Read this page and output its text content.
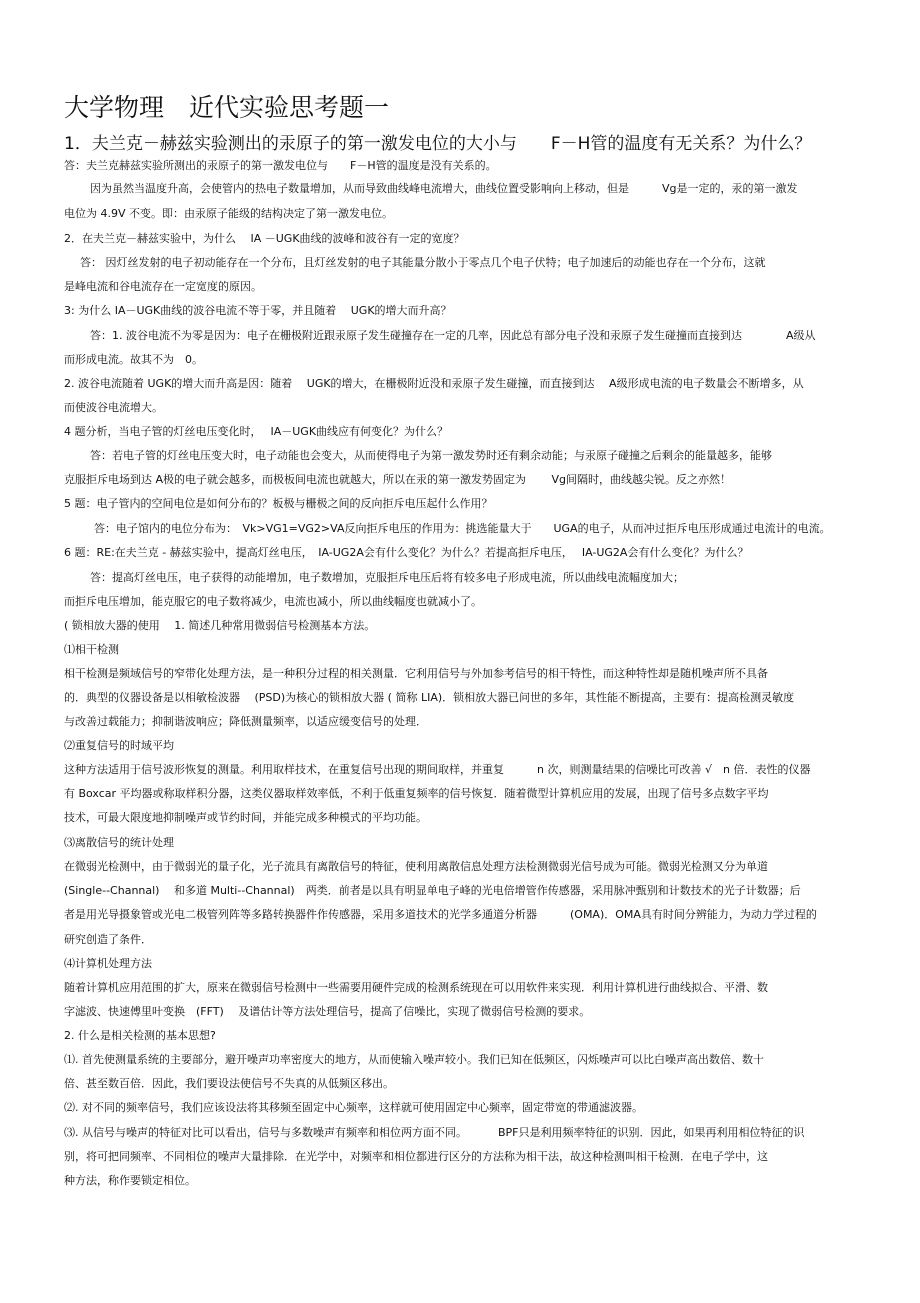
大学物理　近代实验思考题一
1．夫兰克－赫兹实验测出的汞原子的第一激发电位的大小与　　F－H管的温度有无关系？为什么？
答：夫兰克赫兹实验所测出的汞原子的第一激发电位与　　F－H管的温度是没有关系的。
因为虽然当温度升高，会使管内的热电子数量增加，从而导致曲线峰电流增大，曲线位置受影响向上移动，但是　　　Vg是一定的，汞的第一激发
电位为 4.9V 不变。即：由汞原子能级的结构决定了第一激发电位。
2．在夫兰克－赫兹实验中，为什么　 IA －UGK曲线的波峰和波谷有一定的宽度？
答： 因灯丝发射的电子初动能存在一个分布，且灯丝发射的电子其能量分散小于零点几个电子伏特；电子加速后的动能也存在一个分布，这就
是峰电流和谷电流存在一定宽度的原因。
3: 为什么 IA－UGK曲线的波谷电流不等于零，并且随着　 UGK的增大而升高？
答：1. 波谷电流不为零是因为：电子在栅极附近跟汞原子发生碰撞存在一定的几率，因此总有部分电子没和汞原子发生碰撞而直接到达　　　　A级从
而形成电流。故其不为　0。
2. 波谷电流随着 UGK的增大而升高是因：随着　 UGK的增大，在栅极附近没和汞原子发生碰撞，而直接到达　 A级形成电流的电子数量会不断增多，从
而使波谷电流增大。
4 题分析，当电子管的灯丝电压变化时，　 IA－UGK曲线应有何变化？为什么？
答：若电子管的灯丝电压变大时，电子动能也会变大，从而使得电子为第一激发势时还有剩余动能；与汞原子碰撞之后剩余的能量越多，能够
克服拒斥电场到达 A极的电子就会越多，而极板间电流也就越大，所以在汞的第一激发势固定为　　 Vg间隔时，曲线越尖锐。反之亦然！
5 题：电子管内的空间电位是如何分布的？板极与栅极之间的反向拒斥电压起什么作用？
答：电子馆内的电位分布为：　Vk>VG1=VG2>VA反向拒斥电压的作用为：挑选能量大于　　UGA的电子，从而冲过拒斥电压形成通过电流计的电流。
6 题：RE:在夫兰克 - 赫兹实验中，提高灯丝电压，　IA-UG2A会有什么变化？为什么？若提高拒斥电压，　 IA-UG2A会有什么变化？为什么？
答：提高灯丝电压，电子获得的动能增加，电子数增加，克服拒斥电压后将有较多电子形成电流，所以曲线电流幅度加大；
而拒斥电压增加，能克服它的电子数将减少，电流也减小，所以曲线幅度也就减小了。
( 锁相放大器的使用　 1. 简述几种常用微弱信号检测基本方法。
⑴相干检测
相干检测是频域信号的窄带化处理方法，是一种积分过程的相关测量．它利用信号与外加参考信号的相干特性，而这种特性却是随机噪声所不具备
的．典型的仪器设备是以相敏检波器　 (PSD)为核心的锁相放大器 ( 简称 LIA)．锁相放大器已问世的多年，其性能不断提高，主要有：提高检测灵敏度
与改善过载能力；抑制谐波响应；降低测量频率，以适应缓变信号的处理．
⑵重复信号的时域平均
这种方法适用于信号波形恢复的测量。利用取样技术，在重复信号出现的期间取样，并重复　　　n 次，则测量结果的信噪比可改善 √　n 倍．表性的仪器
有 Boxcar 平均器或称取样积分器，这类仪器取样效率低，不利于低重复频率的信号恢复．随着微型计算机应用的发展，出现了信号多点数字平均
技术，可最大限度地抑制噪声或节约时间，并能完成多种模式的平均功能。
⑶离散信号的统计处理
在微弱光检测中，由于微弱光的量子化，光子流具有离散信号的特征，使利用离散信息处理方法检测微弱光信号成为可能。微弱光检测又分为单道
(Single--Channal)　 和多道 Multi--Channal)　两类．前者是以具有明显单电子峰的光电倍增管作传感器，采用脉冲甄别和计数技术的光子计数器；后
者是用光导摄象管或光电二极管列阵等多路转换器件作传感器，采用多道技术的光学多通道分析器　　　(OMA)．OMA具有时间分辨能力，为动力学过程的
研究创造了条件．
⑷计算机处理方法
随着计算机应用范围的扩大，原来在微弱信号检测中一些需要用硬件完成的检测系统现在可以用软件来实现．利用计算机进行曲线拟合、平滑、数
字滤波、快速傅里叶变换　(FFT)　 及谱估计等方法处理信号，提高了信噪比，实现了微弱信号检测的要求。
2. 什么是相关检测的基本思想?
⑴. 首先使测量系统的主要部分，避开噪声功率密度大的地方，从而使输入噪声较小。我们已知在低频区，闪烁噪声可以比白噪声高出数倍、数十
倍、甚至数百倍．因此，我们要设法使信号不失真的从低频区移出。
⑵. 对不同的频率信号，我们应该设法将其移频至固定中心频率，这样就可使用固定中心频率，固定带宽的带通滤波器。
⑶. 从信号与噪声的特征对比可以看出，信号与多数噪声有频率和相位两方面不同。　　　 BPF只是利用频率特征的识别．因此，如果再利用相位特征的识
别，将可把同频率、不同相位的噪声大量排除．在光学中，对频率和相位都进行区分的方法称为相干法，故这种检测叫相干检测．在电子学中，这
种方法，称作要锁定相位。
